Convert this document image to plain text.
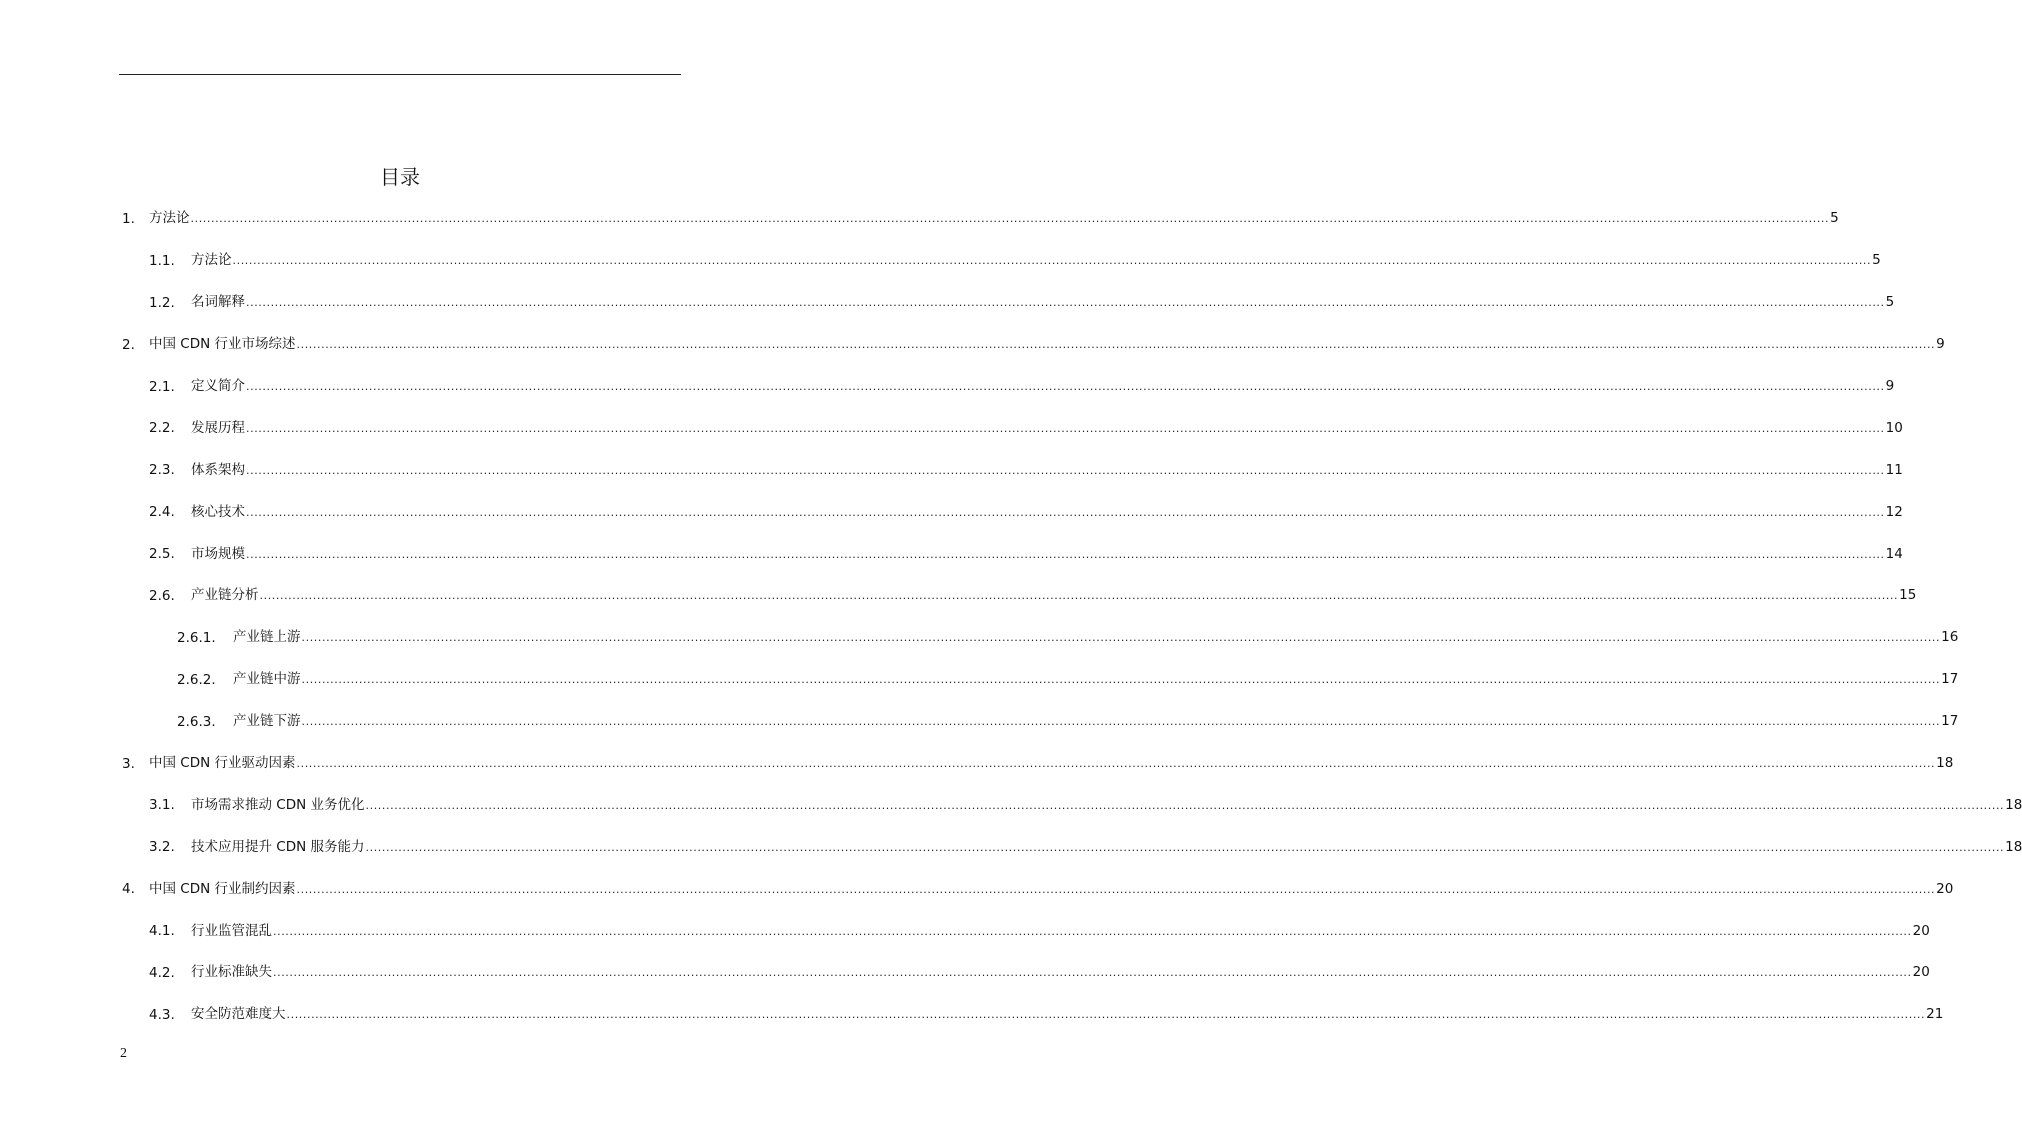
目录
1. 方法论 ................................................................................................................................................................................................................................................................................................................................................................................................................ 5
1.1. 方法论 ................................................................................................................................................................................................................................................................................................................................................................................................................ 5
1.2. 名词解释 ................................................................................................................................................................................................................................................................................................................................................................................................................ 5
2. 中国 CDN 行业市场综述 ................................................................................................................................................................................................................................................................................................................................................................................................................ 9
2.1. 定义简介 ................................................................................................................................................................................................................................................................................................................................................................................................................ 9
2.2. 发展历程 ................................................................................................................................................................................................................................................................................................................................................................................................................ 10
2.3. 体系架构 ................................................................................................................................................................................................................................................................................................................................................................................................................ 11
2.4. 核心技术 ................................................................................................................................................................................................................................................................................................................................................................................................................ 12
2.5. 市场规模 ................................................................................................................................................................................................................................................................................................................................................................................................................ 14
2.6. 产业链分析 ................................................................................................................................................................................................................................................................................................................................................................................................................ 15
2.6.1. 产业链上游 ................................................................................................................................................................................................................................................................................................................................................................................................................ 16
2.6.2. 产业链中游 ................................................................................................................................................................................................................................................................................................................................................................................................................ 17
2.6.3. 产业链下游 ................................................................................................................................................................................................................................................................................................................................................................................................................ 17
3. 中国 CDN 行业驱动因素 ................................................................................................................................................................................................................................................................................................................................................................................................................ 18
3.1. 市场需求推动 CDN 业务优化 ................................................................................................................................................................................................................................................................................................................................................................................................................ 18
3.2. 技术应用提升 CDN 服务能力 ................................................................................................................................................................................................................................................................................................................................................................................................................ 18
4. 中国 CDN 行业制约因素 ................................................................................................................................................................................................................................................................................................................................................................................................................ 20
4.1. 行业监管混乱 ................................................................................................................................................................................................................................................................................................................................................................................................................ 20
4.2. 行业标准缺失 ................................................................................................................................................................................................................................................................................................................................................................................................................ 20
4.3. 安全防范难度大 ................................................................................................................................................................................................................................................................................................................................................................................................................ 21
2
